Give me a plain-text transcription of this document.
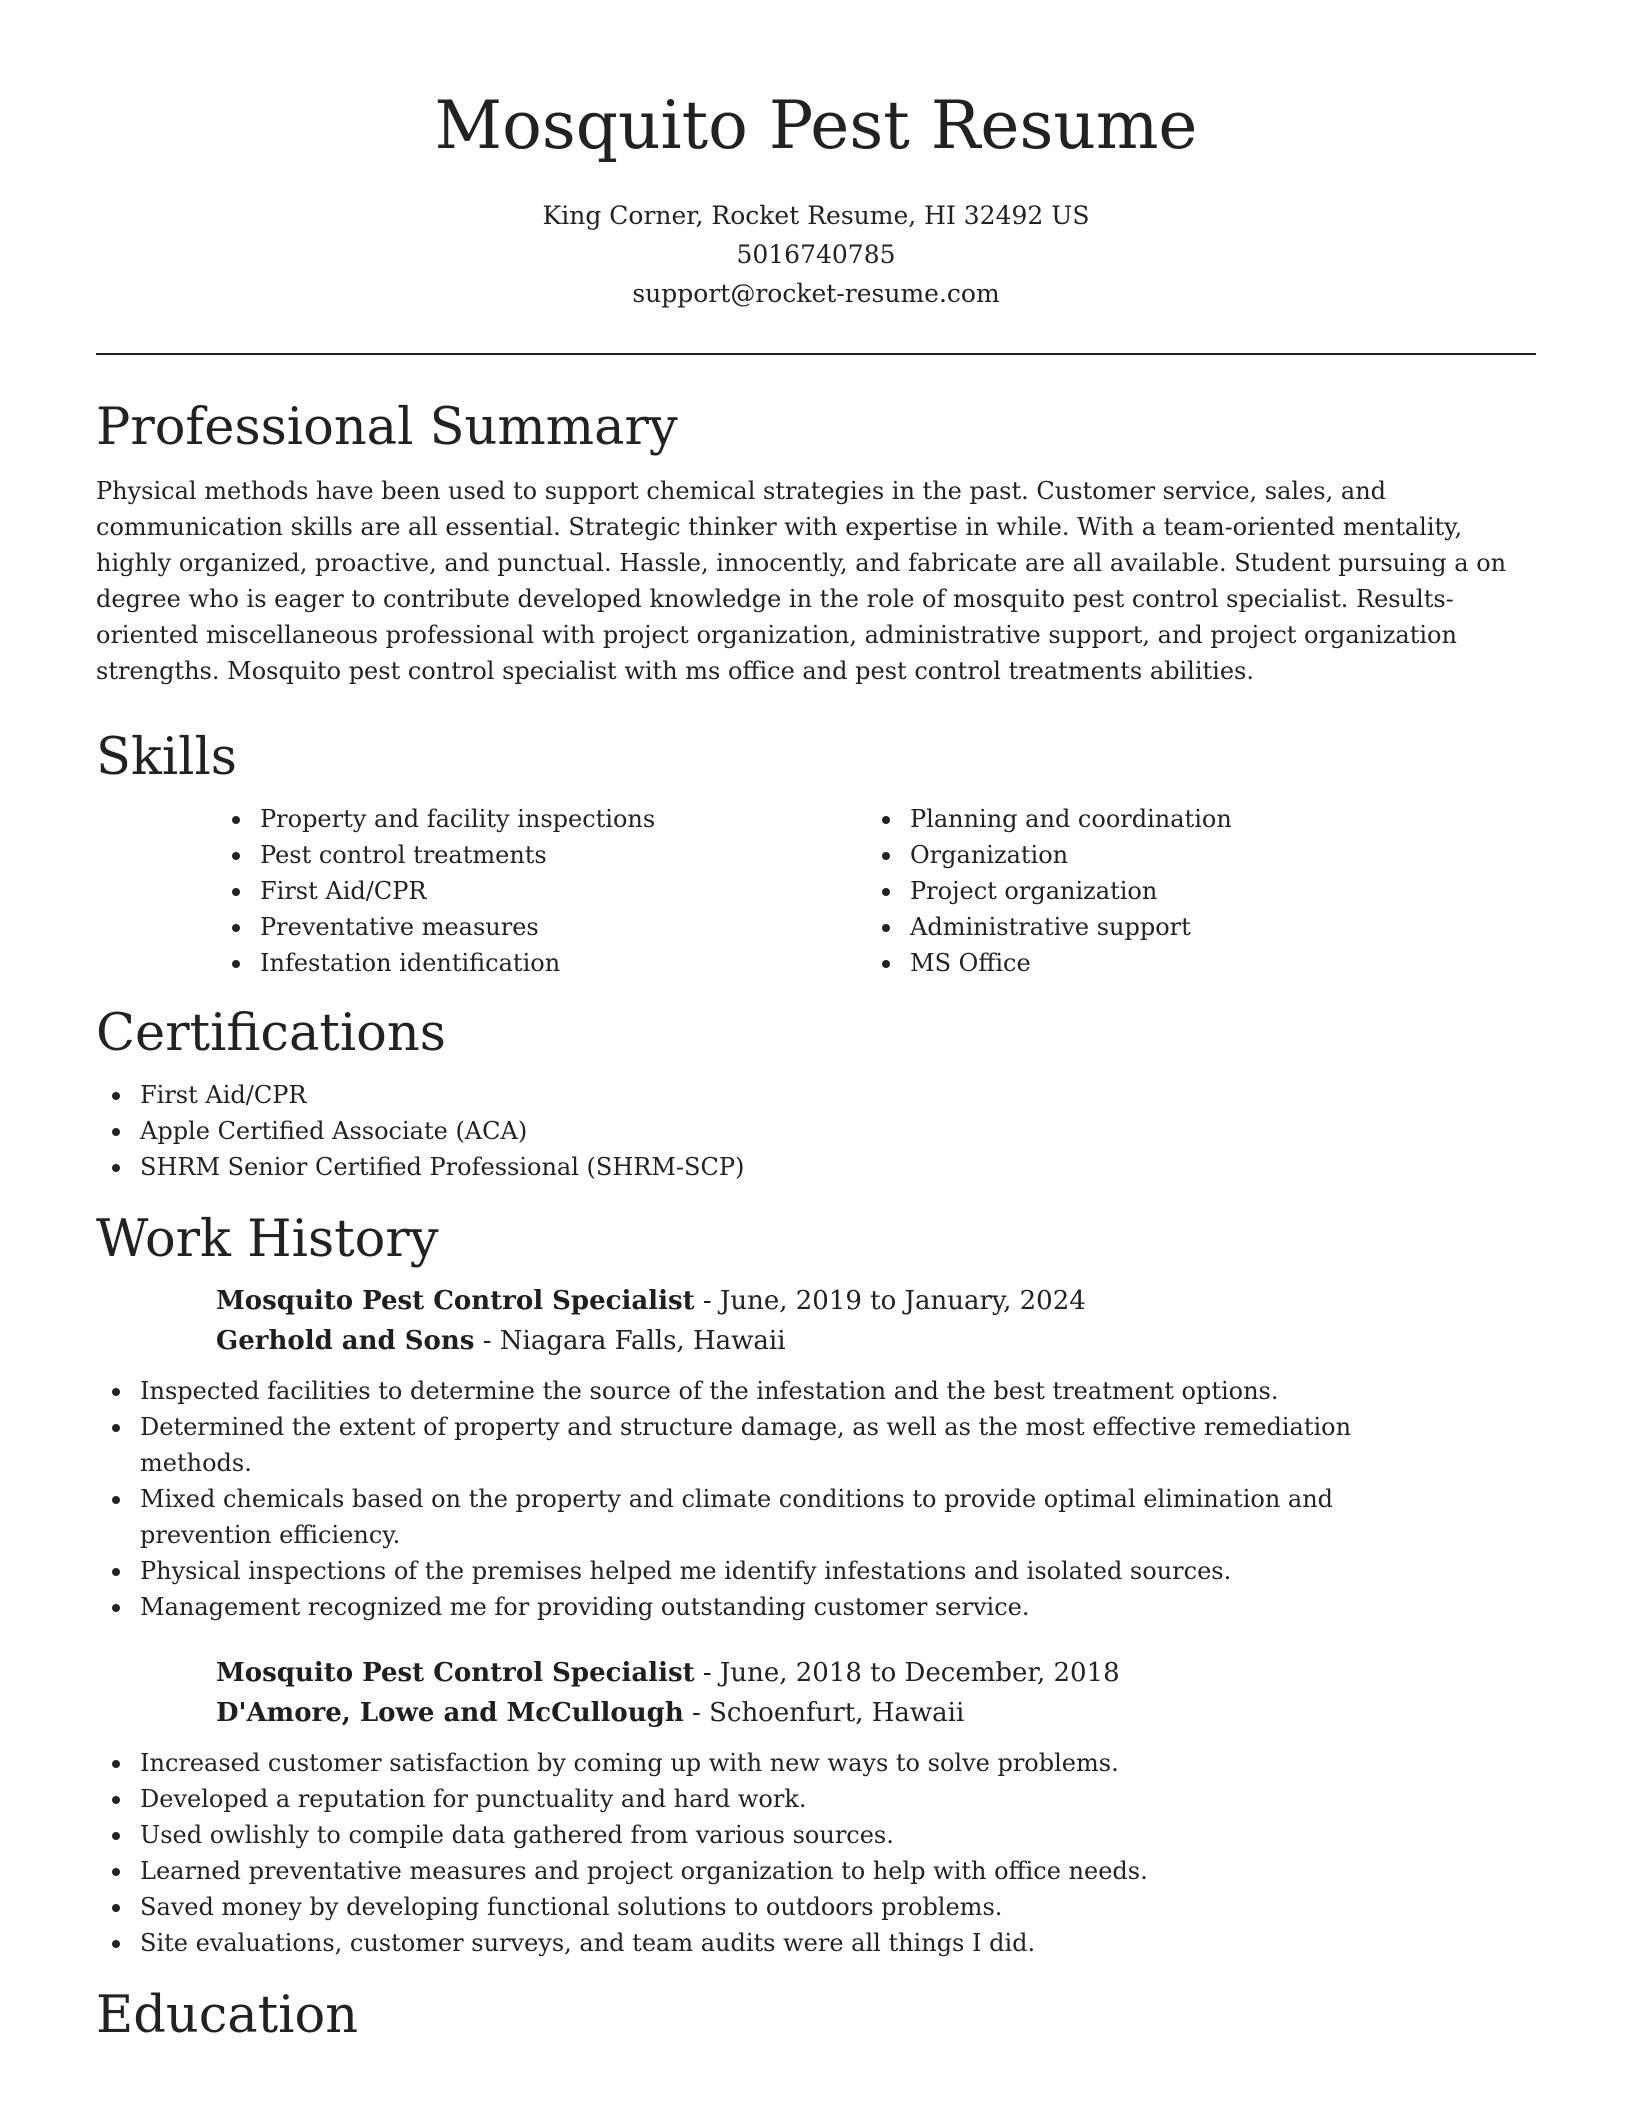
Mosquito Pest Resume
King Corner, Rocket Resume, HI 32492 US
5016740785
support@rocket-resume.com
Professional Summary

Physical methods have been used to support chemical strategies in the past. Customer service, sales, and communication skills are all essential. Strategic thinker with expertise in while. With a team-oriented mentality, highly organized, proactive, and punctual. Hassle, innocently, and fabricate are all available. Student pursuing a on degree who is eager to contribute developed knowledge in the role of mosquito pest control specialist. Results-oriented miscellaneous professional with project organization, administrative support, and project organization strengths. Mosquito pest control specialist with ms office and pest control treatments abilities.

Skills
Property and facility inspections
Pest control treatments
First Aid/CPR
Preventative measures
Infestation identification
Planning and coordination
Organization
Project organization
Administrative support
MS Office
Certifications
First Aid/CPR
Apple Certified Associate (ACA)
SHRM Senior Certified Professional (SHRM-SCP)
Work History
Mosquito Pest Control Specialist - June, 2019 to January, 2024
Gerhold and Sons - Niagara Falls, Hawaii
Inspected facilities to determine the source of the infestation and the best treatment options.
Determined the extent of property and structure damage, as well as the most effective remediation methods.
Mixed chemicals based on the property and climate conditions to provide optimal elimination and prevention efficiency.
Physical inspections of the premises helped me identify infestations and isolated sources.
Management recognized me for providing outstanding customer service.
Mosquito Pest Control Specialist - June, 2018 to December, 2018
D'Amore, Lowe and McCullough - Schoenfurt, Hawaii
Increased customer satisfaction by coming up with new ways to solve problems.
Developed a reputation for punctuality and hard work.
Used owlishly to compile data gathered from various sources.
Learned preventative measures and project organization to help with office needs.
Saved money by developing functional solutions to outdoors problems.
Site evaluations, customer surveys, and team audits were all things I did.
Education
